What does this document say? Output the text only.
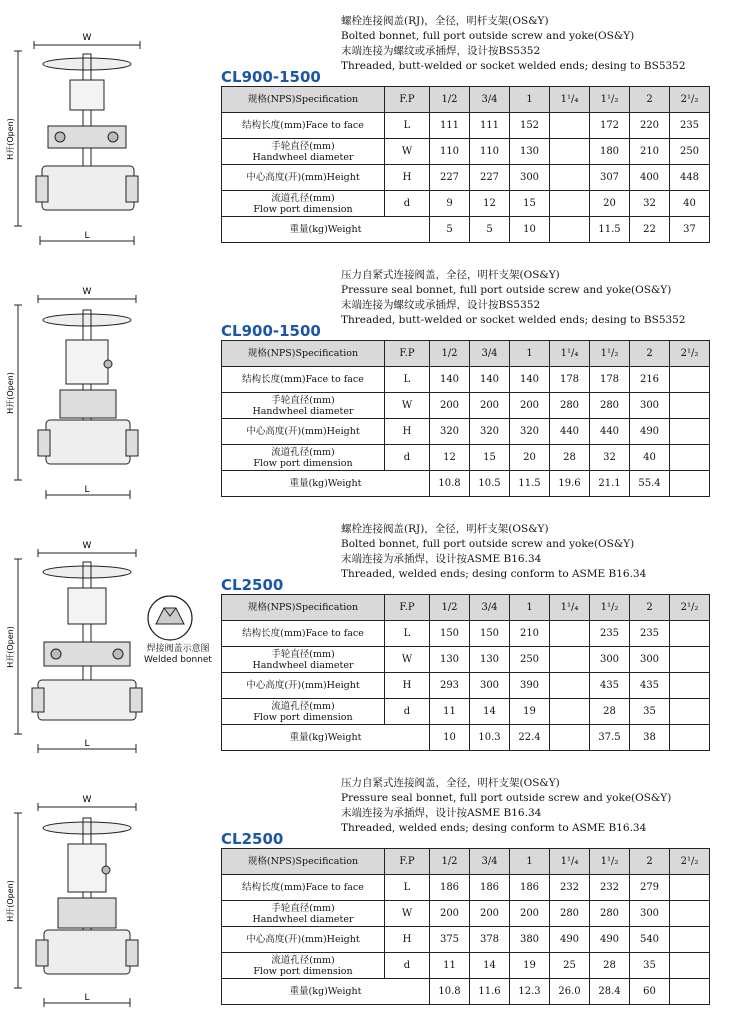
W
L
H开(Open)
螺栓连接阀盖(RJ)，全径，明杆支架(OS&Y)
Bolted bonnet, full port outside screw and yoke(OS&Y)
末端连接为螺纹或承插焊，设计按BS5352
Threaded, butt-welded or socket welded ends; desing to BS5352
CL900-1500
规格(NPS)Specification	F.P	1/2	3/4	1	1¹/₄	1¹/₂	2	2¹/₂
结构长度(mm)Face to face	L	111	111	152		172	220	235

手轮直径(mm)
Handwheel diameter	W	110	110	130		180	210	250
中心高度(开)(mm)Height	H	227	227	300		307	400	448

流道孔径(mm)
Flow port dimension	d	9	12	15		20	32	40
重量(kg)Weight		5	5	10		11.5	22	37
W
L
H开(Open)
压力自紧式连接阀盖，全径，明杆支架(OS&Y)
Pressure seal bonnet, full port outside screw and yoke(OS&Y)
末端连接为螺纹或承插焊，设计按BS5352
Threaded, butt-welded or socket welded ends; desing to BS5352
CL900-1500
规格(NPS)Specification	F.P	1/2	3/4	1	1¹/₄	1¹/₂	2	2¹/₂
结构长度(mm)Face to face	L	140	140	140	178	178	216	

手轮直径(mm)
Handwheel diameter	W	200	200	200	280	280	300	
中心高度(开)(mm)Height	H	320	320	320	440	440	490	

流道孔径(mm)
Flow port dimension	d	12	15	20	28	32	40	
重量(kg)Weight		10.8	10.5	11.5	19.6	21.1	55.4	
W
L
H开(Open)	焊接阀盖示意图
Welded bonnet
螺栓连接阀盖(RJ)，全径，明杆支架(OS&Y)
Bolted bonnet, full port outside screw and yoke(OS&Y)
末端连接为承插焊，设计按ASME B16.34
Threaded, welded ends; desing conform to ASME B16.34
CL2500
规格(NPS)Specification	F.P	1/2	3/4	1	1¹/₄	1¹/₂	2	2¹/₂
结构长度(mm)Face to face	L	150	150	210		235	235	

手轮直径(mm)
Handwheel diameter	W	130	130	250		300	300	
中心高度(开)(mm)Height	H	293	300	390		435	435	

流道孔径(mm)
Flow port dimension	d	11	14	19		28	35	
重量(kg)Weight		10	10.3	22.4		37.5	38	
W
L
H开(Open)
压力自紧式连接阀盖，全径，明杆支架(OS&Y)
Pressure seal bonnet, full port outside screw and yoke(OS&Y)
末端连接为承插焊，设计按ASME B16.34
Threaded, welded ends; desing conform to ASME B16.34
CL2500
规格(NPS)Specification	F.P	1/2	3/4	1	1¹/₄	1¹/₂	2	2¹/₂
结构长度(mm)Face to face	L	186	186	186	232	232	279	

手轮直径(mm)
Handwheel diameter	W	200	200	200	280	280	300	
中心高度(开)(mm)Height	H	375	378	380	490	490	540	

流道孔径(mm)
Flow port dimension	d	11	14	19	25	28	35	
重量(kg)Weight		10.8	11.6	12.3	26.0	28.4	60	
